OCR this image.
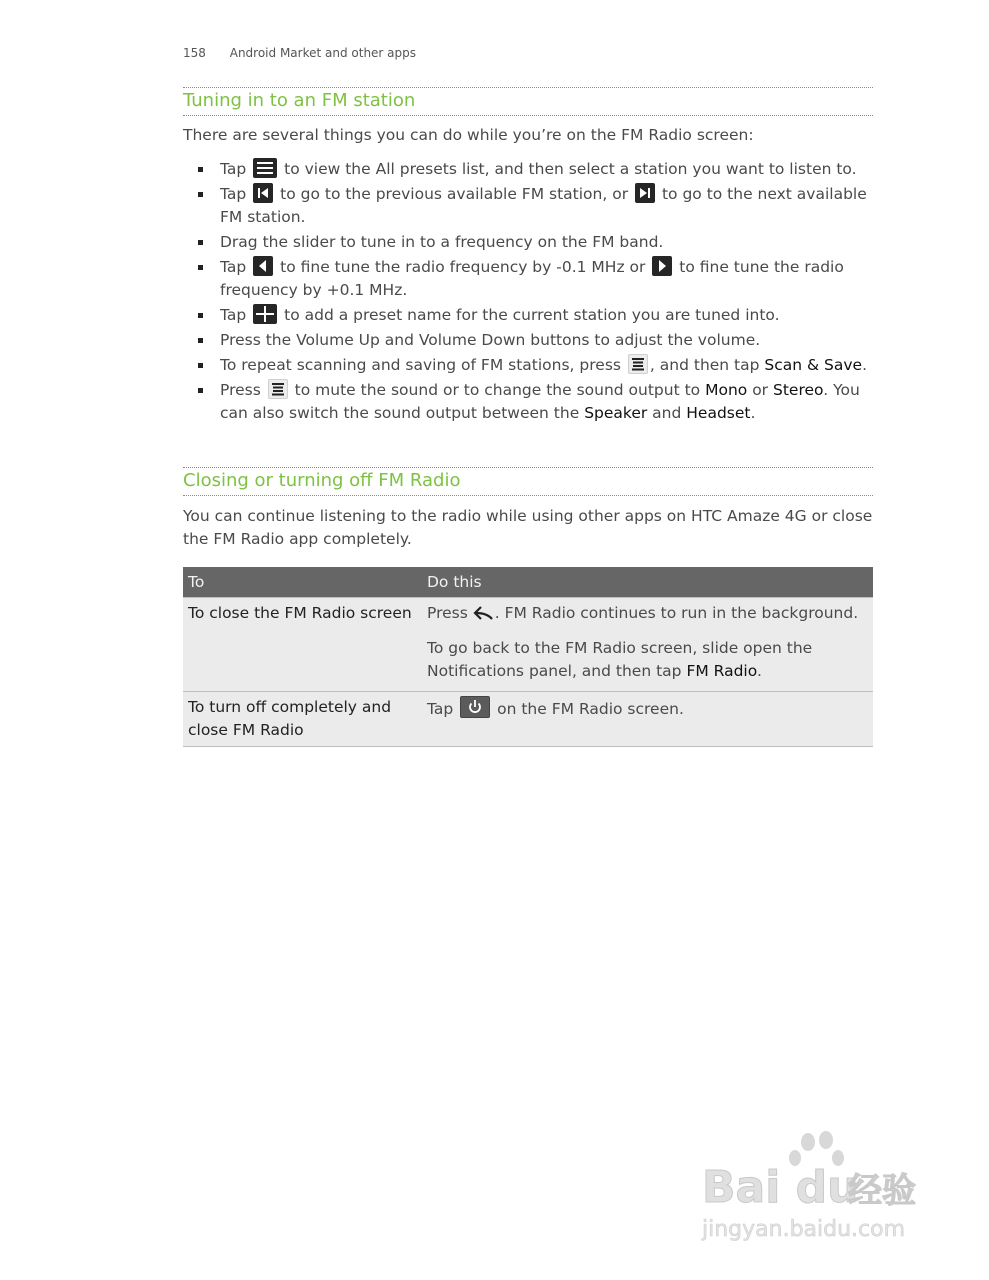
158 Android Market and other apps
Tuning in to an FM station
There are several things you can do while you’re on the FM Radio screen:
Tap to view the All presets list, and then select a station you want to listen to.
Tap to go to the previous available FM station, or to go to the next available FM station.
Drag the slider to tune in to a frequency on the FM band.
Tap to fine tune the radio frequency by -0.1 MHz or to fine tune the radio frequency by +0.1 MHz.
Tap to add a preset name for the current station you are tuned into.
Press the Volume Up and Volume Down buttons to adjust the volume.
To repeat scanning and saving of FM stations, press , and then tap Scan & Save.
Press to mute the sound or to change the sound output to Mono or Stereo. You can also switch the sound output between the Speaker and Headset.
Closing or turning off FM Radio
You can continue listening to the radio while using other apps on HTC Amaze 4G or close the FM Radio app completely.
To	Do this
To close the FM Radio screen Press . FM Radio continues to run in the background.

To go back to the FM Radio screen, slide open the Notifications panel, and then tap FM Radio.

To turn off completely and close FM Radio

Tap	on the FM Radio screen.

Bai du
经验
jingyan.baidu.com
